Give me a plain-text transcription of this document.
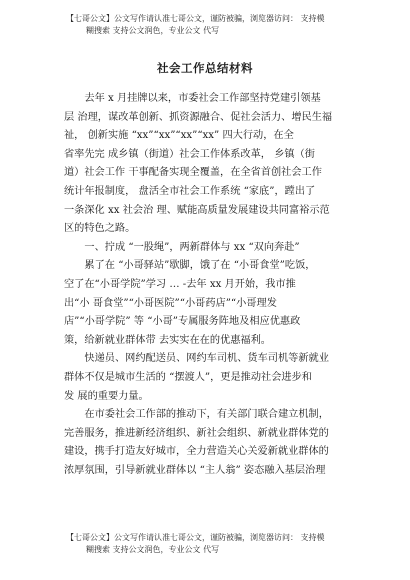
【七哥公文】公文写作请认准七哥公文，谨防被骗，浏览器访问： 支持模
糊搜索 支持公文润色，专业公文 代写
社会工作总结材料
去年 x 月挂牌以来，市委社会工作部坚持党建引领基
层 治理，谋改革创新、抓资源融合、促社会活力、增民生福
祉， 创新实施 “xx”“xx”“xx”“xx” 四大行动，在全
省率先完 成乡镇（街道）社会工作体系改革， 乡镇（街
道）社会工作 干事配备实现全覆盖，在全省首创社会工作
统计年报制度， 盘活全市社会工作系统 “家底”，蹚出了
一条深化 xx 社会治 理、赋能高质量发展建设共同富裕示范
区的特色之路。
一、拧成 “一股绳”，两新群体与 xx “双向奔赴”
累了在 “小哥驿站”歇脚，饿了在 “小哥食堂”吃饭，
空了在“小哥学院”学习 … -去年 xx 月开始，我市推
出“小 哥食堂”“小哥医院”“小哥药店”“小哥理发
店”“小哥学院” 等 “小哥”专属服务阵地及相应优惠政
策，给新就业群体带 去实实在在的优惠福利。
快递员、网约配送员、网约车司机、货车司机等新就业
群体不仅是城市生活的 “摆渡人”，更是推动社会进步和
发 展的重要力量。
在市委社会工作部的推动下，有关部门联合建立机制，
完善服务，推进新经济组织、新社会组织、新就业群体党的
建设，携手打造友好城市，全力营造关心关爱新就业群体的
浓厚氛围，引导新就业群体以 “主人翁” 姿态融入基层治理
【七哥公文】公文写作请认准七哥公文，谨防被骗，浏览器访问： 支持模
糊搜索 支持公文润色，专业公文 代写
